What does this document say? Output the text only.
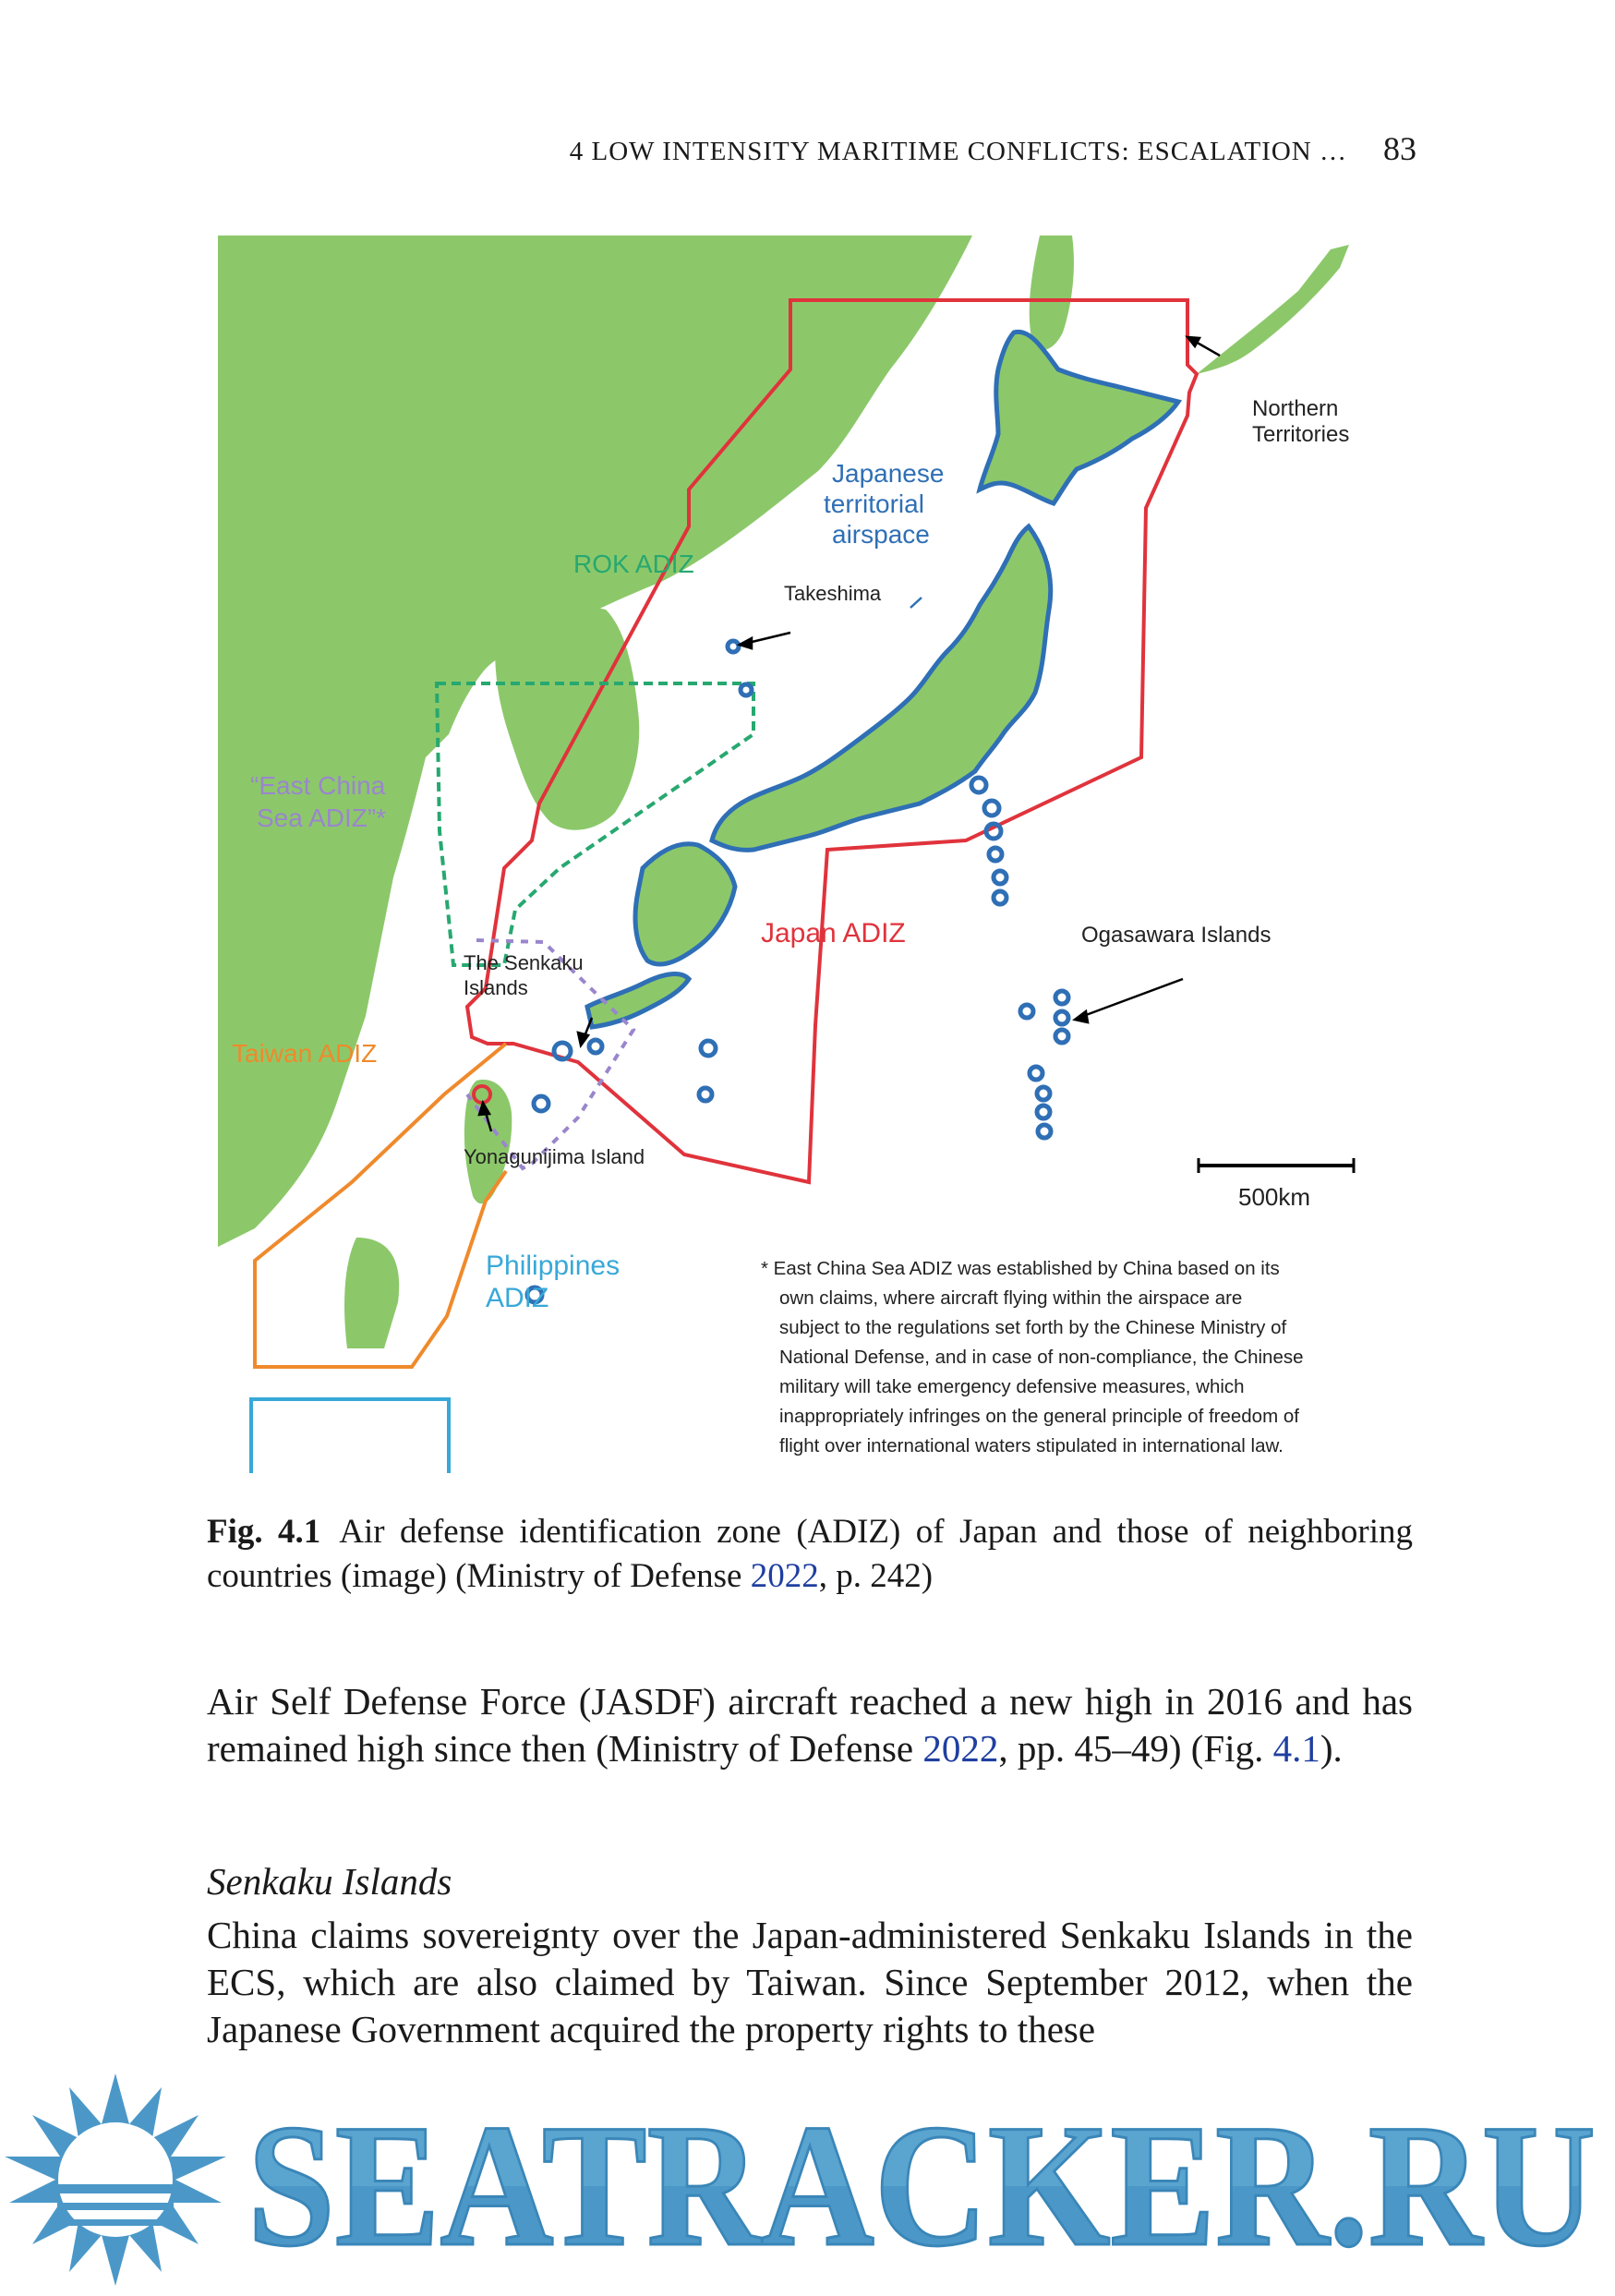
4 LOW INTENSITY MARITIME CONFLICTS: ESCALATION … 83
Northern
Territories
Japanese
territorial
airspace
ROK ADIZ
Takeshima
“East China
Sea ADIZ”*
Japan ADIZ	Ogasawara Islands
The Senkaku
Islands
Taiwan ADIZ
Yonagunijima Island
500km
Philippines
ADIZ
* East China Sea ADIZ was established by China based on its
own claims, where aircraft flying within the airspace are
subject to the regulations set forth by the Chinese Ministry of
National Defense, and in case of non-compliance, the Chinese
military will take emergency defensive measures, which
inappropriately infringes on the general principle of freedom of
flight over international waters stipulated in international law.
Fig. 4.1 Air defense identification zone (ADIZ) of Japan and those of neighboring countries (image) (Ministry of Defense 2022, p. 242)
Air Self Defense Force (JASDF) aircraft reached a new high in 2016 and has remained high since then (Ministry of Defense 2022, pp. 45–49) (Fig. 4.1).
Senkaku Islands
China claims sovereignty over the Japan-administered Senkaku Islands in the ECS, which are also claimed by Taiwan. Since September 2012, when the Japanese Government acquired the property rights to these
SEATRACKER.RU
